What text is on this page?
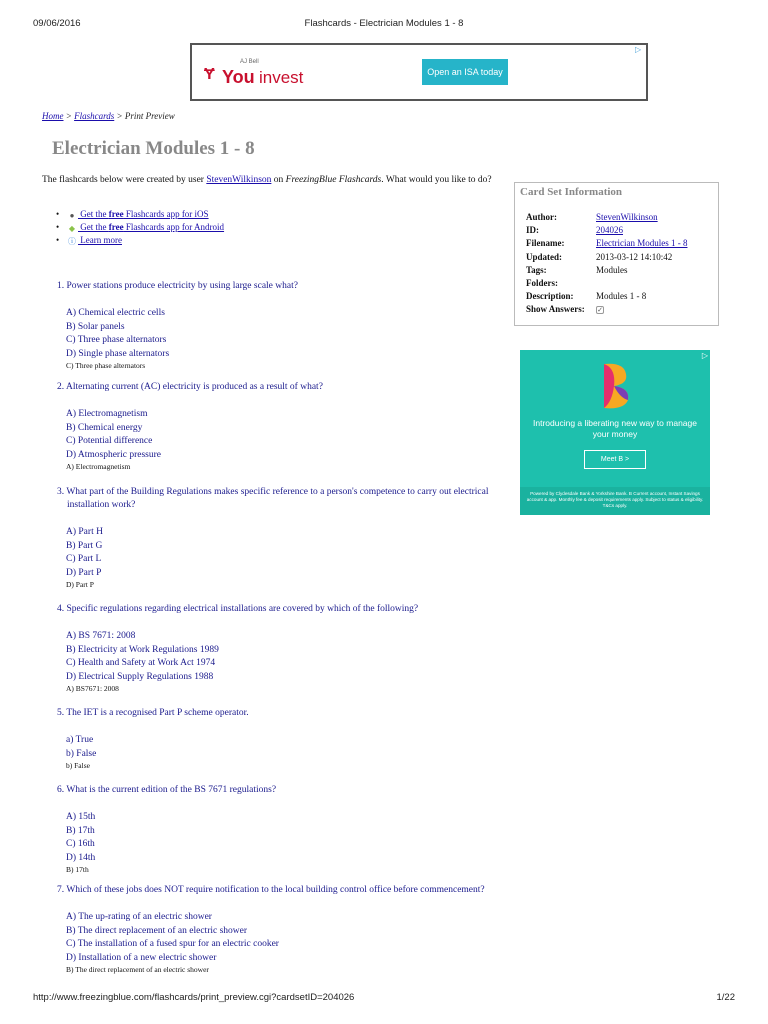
09/06/2016	Flashcards - Electrician Modules 1 - 8
AJ Bell
Ɏ You invest	Open an ISA today
▷
Home > Flashcards > Print Preview
Electrician Modules 1 - 8
The flashcards below were created by user StevenWilkinson on FreezingBlue Flashcards. What would you like to do?
• ● Get the free Flashcards app for iOS
• ◆ Get the free Flashcards app for Android
• ⓘ Learn more
Card Set Information
Author:	StevenWilkinson
ID:	204026
Filename:	Electrician Modules 1 - 8
Updated:	2013-03-12 14:10:42
Tags:	Modules
Folders:	
Description:	Modules 1 - 8
Show Answers:	✓
Introducing a liberating new way to manage your money
Meet B >
Powered by Clydesdale Bank & Yorkshire Bank. B Current account, Instant Savings account & app. Monthly fee & deposit requirements apply. Subject to status & eligibility. T&Cs apply.
▷
1. Power stations produce electricity by using large scale what?
A) Chemical electric cells
B) Solar panels
C) Three phase alternators
D) Single phase alternators
C) Three phase alternators
2. Alternating current (AC) electricity is produced as a result of what?
A) Electromagnetism
B) Chemical energy
C) Potential difference
D) Atmospheric pressure
A) Electromagnetism
3. What part of the Building Regulations makes specific reference to a person's competence to carry out electrical installation work?
A) Part H
B) Part G
C) Part L
D) Part P
D) Part P
4. Specific regulations regarding electrical installations are covered by which of the following?
A) BS 7671: 2008
B) Electricity at Work Regulations 1989
C) Health and Safety at Work Act 1974
D) Electrical Supply Regulations 1988
A) BS7671: 2008
5. The IET is a recognised Part P scheme operator.
a) True
b) False
b) False
6. What is the current edition of the BS 7671 regulations?
A) 15th
B) 17th
C) 16th
D) 14th
B) 17th
7. Which of these jobs does NOT require notification to the local building control office before commencement?
A) The up-rating of an electric shower
B) The direct replacement of an electric shower
C) The installation of a fused spur for an electric cooker
D) Installation of a new electric shower
B) The direct replacement of an electric shower
http://www.freezingblue.com/flashcards/print_preview.cgi?cardsetID=204026	1/22
